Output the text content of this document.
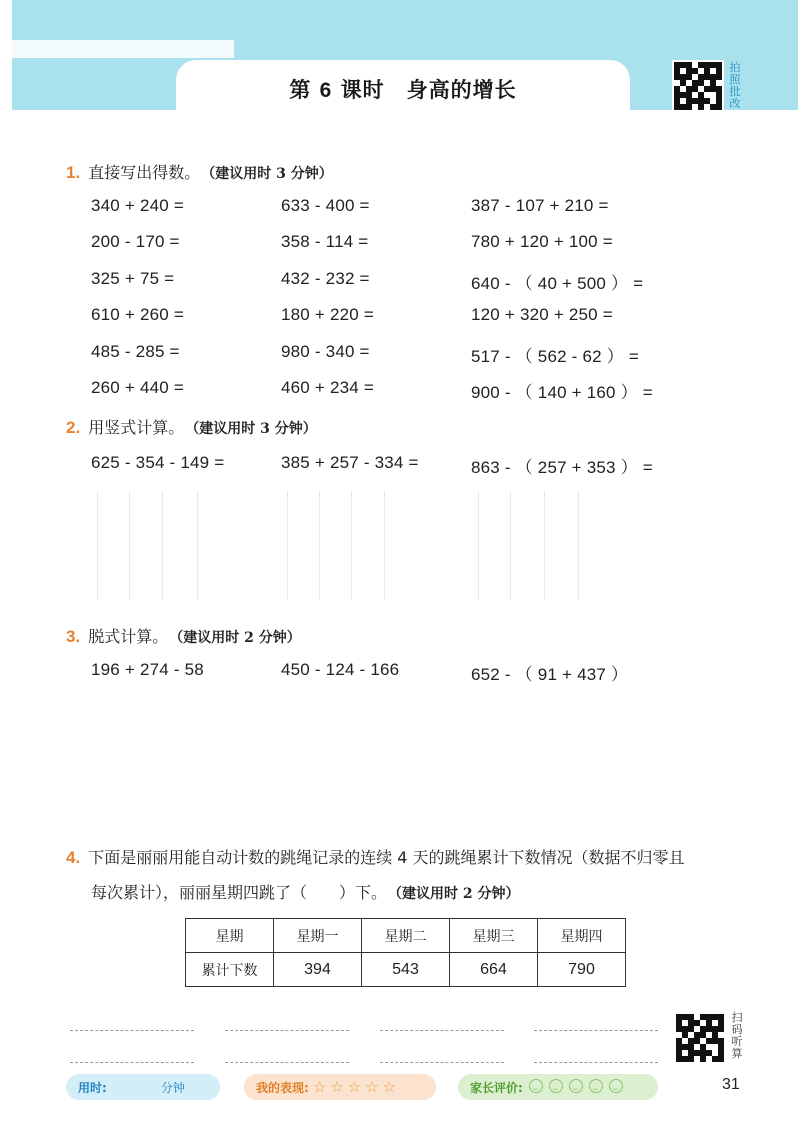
第 6 课时　身高的增长
拍
照
批
改
1. 直接写出得数。 （建议用时 3 分钟）
340 + 240 =	633 - 400 =	387 - 107 + 210 =
200 - 170 =	358 - 114 =	780 + 120 + 100 =
325 + 75 =	432 - 232 =	640 - （ 40 + 500 ） =
610 + 260 =	180 + 220 =	120 + 320 + 250 =
485 - 285 =	980 - 340 =	517 - （ 562 - 62 ） =
260 + 440 =	460 + 234 =	900 - （ 140 + 160 ） =
2. 用竖式计算。 （建议用时 3 分钟）
625 - 354 - 149 =	385 + 257 - 334 =	863 - （ 257 + 353 ） =
3. 脱式计算。 （建议用时 2 分钟）
196 + 274 - 58	450 - 124 - 166	652 - （ 91 + 437 ）
4. 下面是丽丽用能自动计数的跳绳记录的连续 4 天的跳绳累计下数情况（数据不归零且
每次累计），丽丽星期四跳了（　　）下。 （建议用时 2 分钟）
星期	星期一	星期二	星期三	星期四
累计下数	394	543	664	790
扫
码
听
算
用时:	分钟	我的表现: ☆ ☆ ☆ ☆ ☆	家长评价:	31
